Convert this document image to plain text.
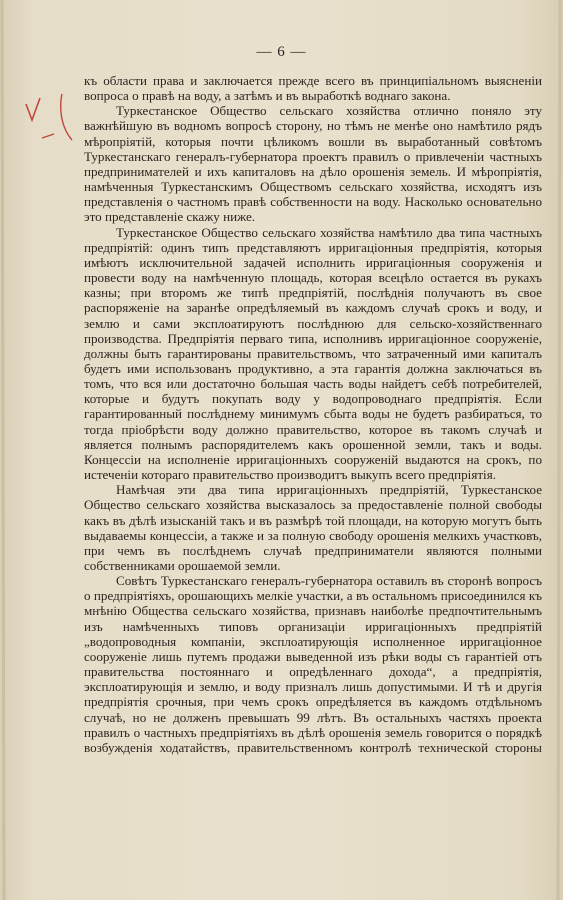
— 6 —

къ области права и заключается прежде всего въ принципіальномъ выясненіи вопроса о правѣ на воду, а затѣмъ и въ выработкѣ воднаго закона.

Туркестанское Общество сельскаго хозяйства отлично поняло эту важнѣйшую въ водномъ вопросѣ сторону, но тѣмъ не менѣе оно намѣтило рядъ мѣропріятій, которыя почти цѣликомъ вошли въ выработанный совѣтомъ Туркестанскаго генералъ-губернатора проектъ правилъ о привлеченіи частныхъ предпринимателей и ихъ капиталовъ на дѣло орошенія земель. И мѣропріятія, намѣченныя Туркестанскимъ Обществомъ сельскаго хозяйства, исходятъ изъ представленія о частномъ правѣ собственности на воду. Насколько основательно это представленіе скажу ниже.

Туркестанское Общество сельскаго хозяйства намѣтило два типа частныхъ предпріятій: одинъ типъ представляютъ ирригаціонныя предпріятія, которыя имѣютъ исключительной задачей исполнить ирригаціонныя сооруженія и провести воду на намѣченную площадь, которая всецѣло остается въ рукахъ казны; при второмъ же типѣ предпріятій, послѣднія получаютъ въ свое распоряженіе на заранѣе опредѣляемый въ каждомъ случаѣ срокъ и воду, и землю и сами эксплоатируютъ послѣднюю для сельско-хозяйственнаго производства. Предпріятія перваго типа, исполнивъ ирригаціонное сооруженіе, должны быть гарантированы правительствомъ, что затраченный ими капиталъ будетъ ими использованъ продуктивно, а эта гарантія должна заключаться въ томъ, что вся или достаточно большая часть воды найдетъ себѣ потребителей, которые и будутъ покупать воду у водопроводнаго предпріятія. Если гарантированный послѣднему минимумъ сбыта воды не будетъ разбираться, то тогда пріобрѣсти воду должно правительство, которое въ такомъ случаѣ и является полнымъ распорядителемъ какъ орошенной земли, такъ и воды. Концессіи на исполненіе ирригаціонныхъ сооруженій выдаются на срокъ, по истеченіи котораго правительство производитъ выкупъ всего предпріятія.

Намѣчая эти два типа ирригаціонныхъ предпріятій, Туркестанское Общество сельскаго хозяйства высказалось за предоставленіе полной свободы какъ въ дѣлѣ изысканій такъ и въ размѣрѣ той площади, на которую могутъ быть выдаваемы концессіи, а также и за полную свободу орошенія мелкихъ участковъ, при чемъ въ послѣднемъ случаѣ предприниматели являются полными собственниками орошаемой земли.

Совѣтъ Туркестанскаго генералъ-губернатора оставилъ въ сторонѣ вопросъ о предпріятіяхъ, орошающихъ мелкіе участки, а въ остальномъ присоединился къ мнѣнію Общества сельскаго хозяйства, признавъ наиболѣе предпочтительнымъ изъ намѣченныхъ типовъ организаціи ирригаціонныхъ предпріятій „водопроводныя компаніи, эксплоатирующія исполненное ирригаціонное сооруженіе лишь путемъ продажи выведенной изъ рѣки воды съ гарантіей отъ правительства постояннаго и опредѣленнаго дохода“, а предпріятія, эксплоатирующія и землю, и воду призналъ лишь допустимыми. И тѣ и другія предпріятія срочныя, при чемъ срокъ опредѣляется въ каждомъ отдѣльномъ случаѣ, но не долженъ превышать 99 лѣтъ. Въ остальныхъ частяхъ проекта правилъ о частныхъ предпріятіяхъ въ дѣлѣ орошенія земель говорится о порядкѣ возбужденія ходатайствъ, правительственномъ контролѣ технической стороны
